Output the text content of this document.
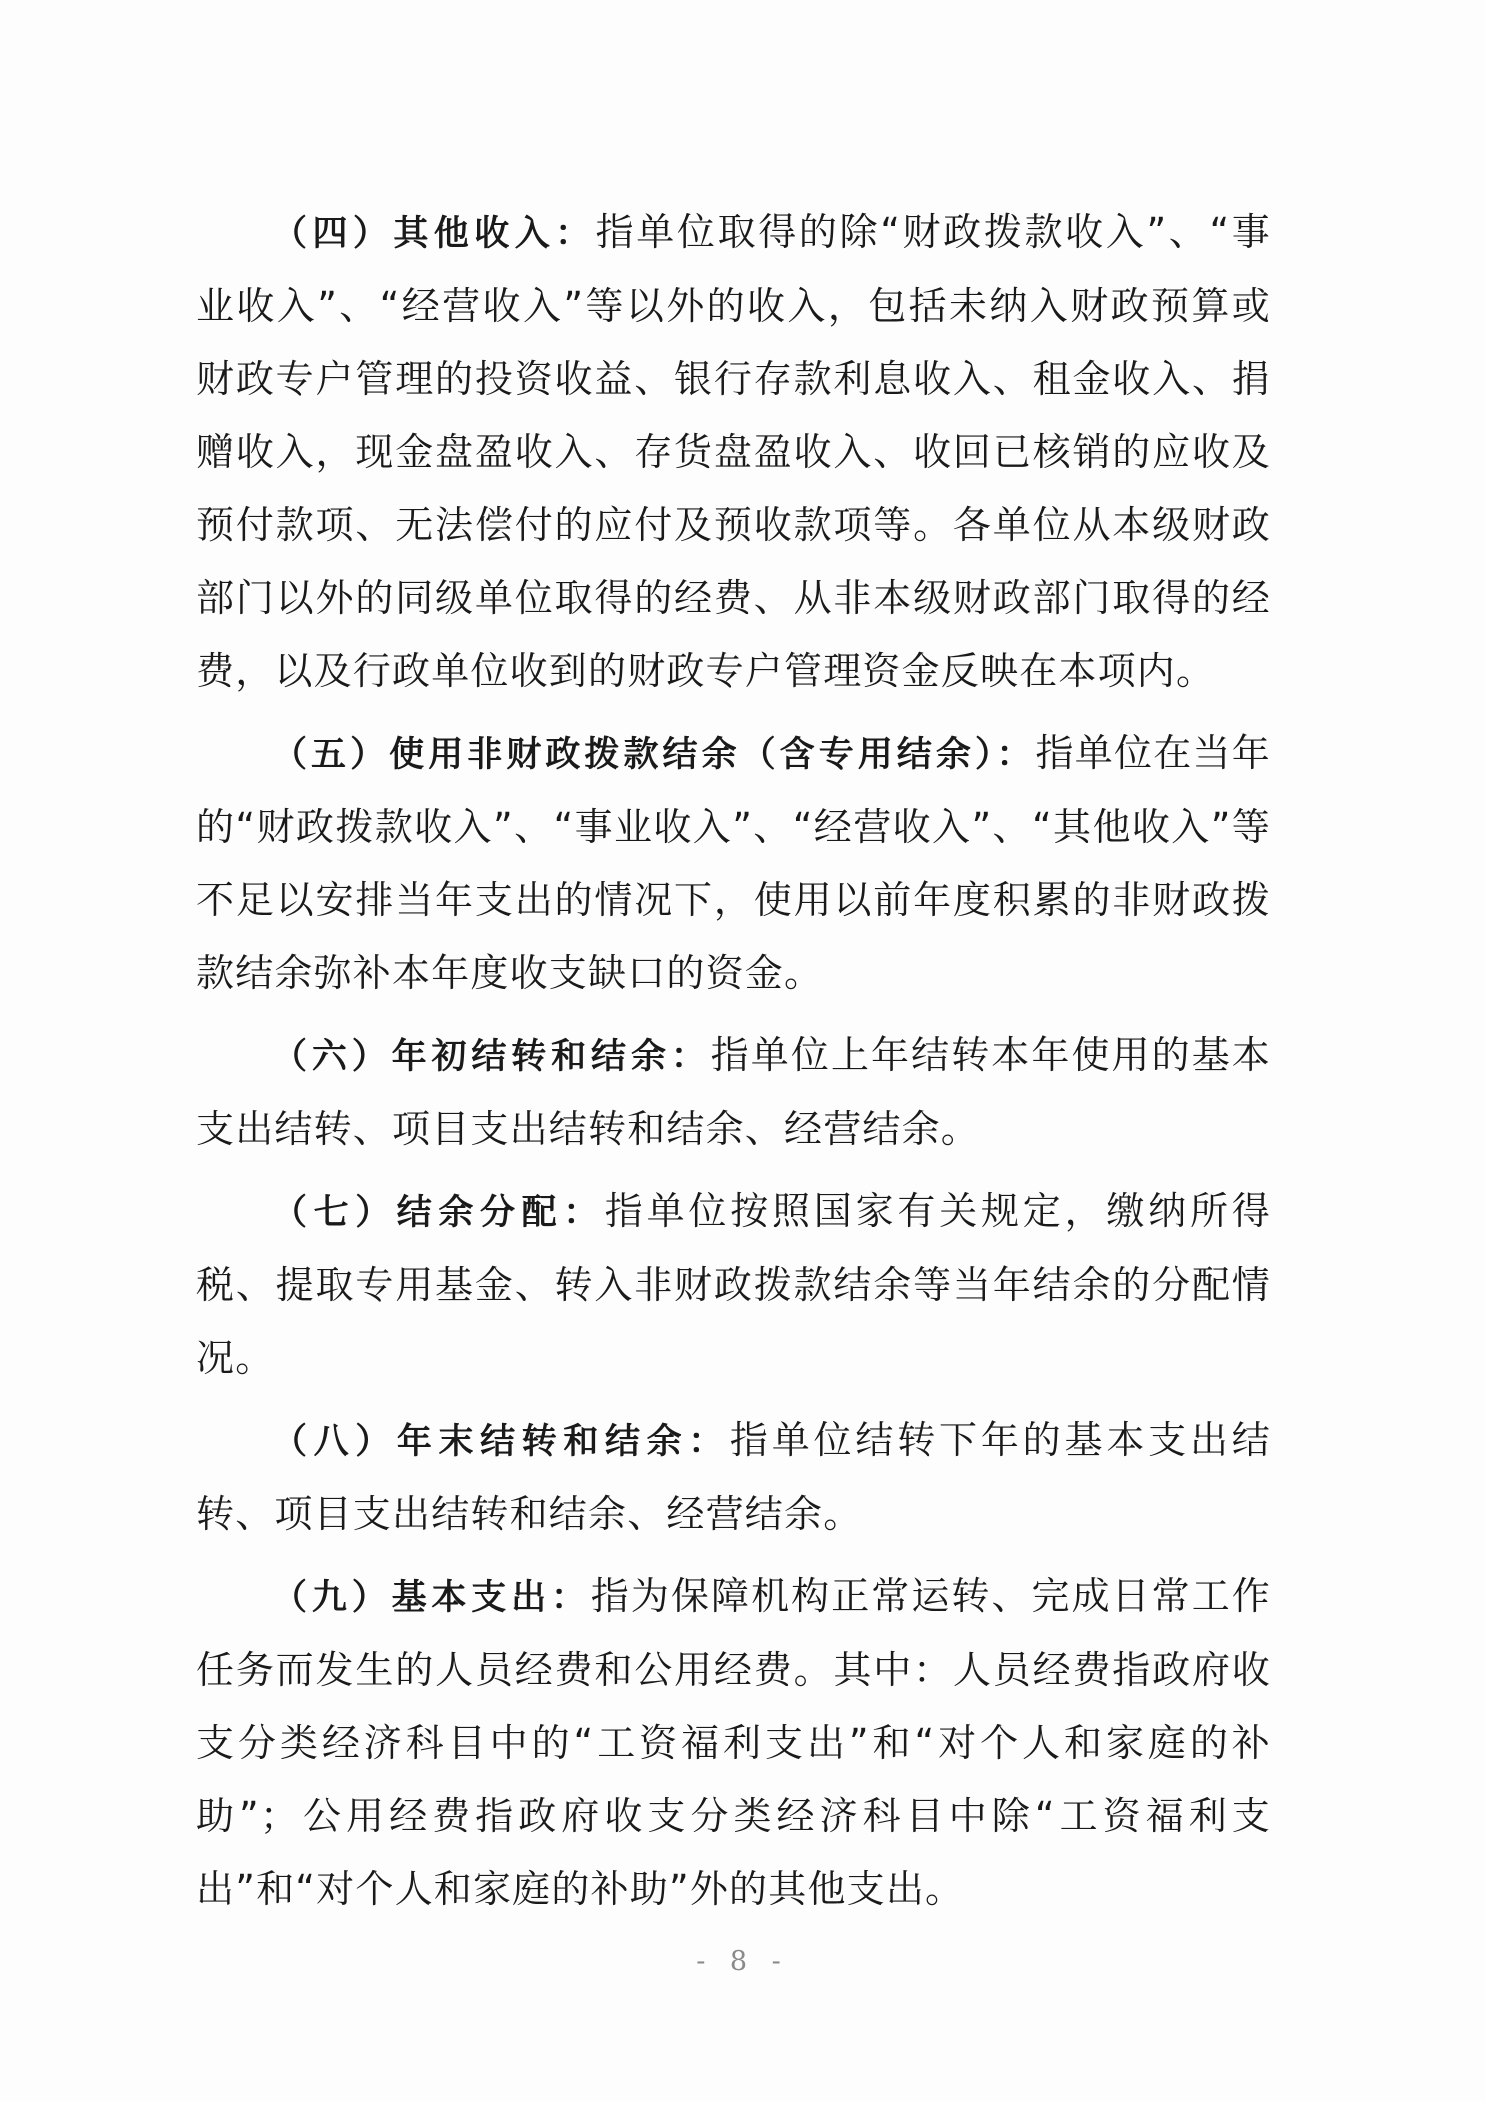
（四）其他收入：指单位取得的除“财政拨款收入”、“事业收入”、“经营收入”等以外的收入，包括未纳入财政预算或财政专户管理的投资收益、银行存款利息收入、租金收入、捐赠收入，现金盘盈收入、存货盘盈收入、收回已核销的应收及预付款项、无法偿付的应付及预收款项等。各单位从本级财政部门以外的同级单位取得的经费、从非本级财政部门取得的经费，以及行政单位收到的财政专户管理资金反映在本项内。

（五）使用非财政拨款结余（含专用结余）：指单位在当年的“财政拨款收入”、“事业收入”、“经营收入”、“其他收入”等不足以安排当年支出的情况下，使用以前年度积累的非财政拨款结余弥补本年度收支缺口的资金。

（六）年初结转和结余：指单位上年结转本年使用的基本支出结转、项目支出结转和结余、经营结余。

（七）结余分配：指单位按照国家有关规定，缴纳所得税、提取专用基金、转入非财政拨款结余等当年结余的分配情况。

（八）年末结转和结余：指单位结转下年的基本支出结转、项目支出结转和结余、经营结余。

（九）基本支出：指为保障机构正常运转、完成日常工作任务而发生的人员经费和公用经费。其中：人员经费指政府收支分类经济科目中的“工资福利支出”和“对个人和家庭的补助”；公用经费指政府收支分类经济科目中除“工资福利支出”和“对个人和家庭的补助”外的其他支出。

- 8 -
